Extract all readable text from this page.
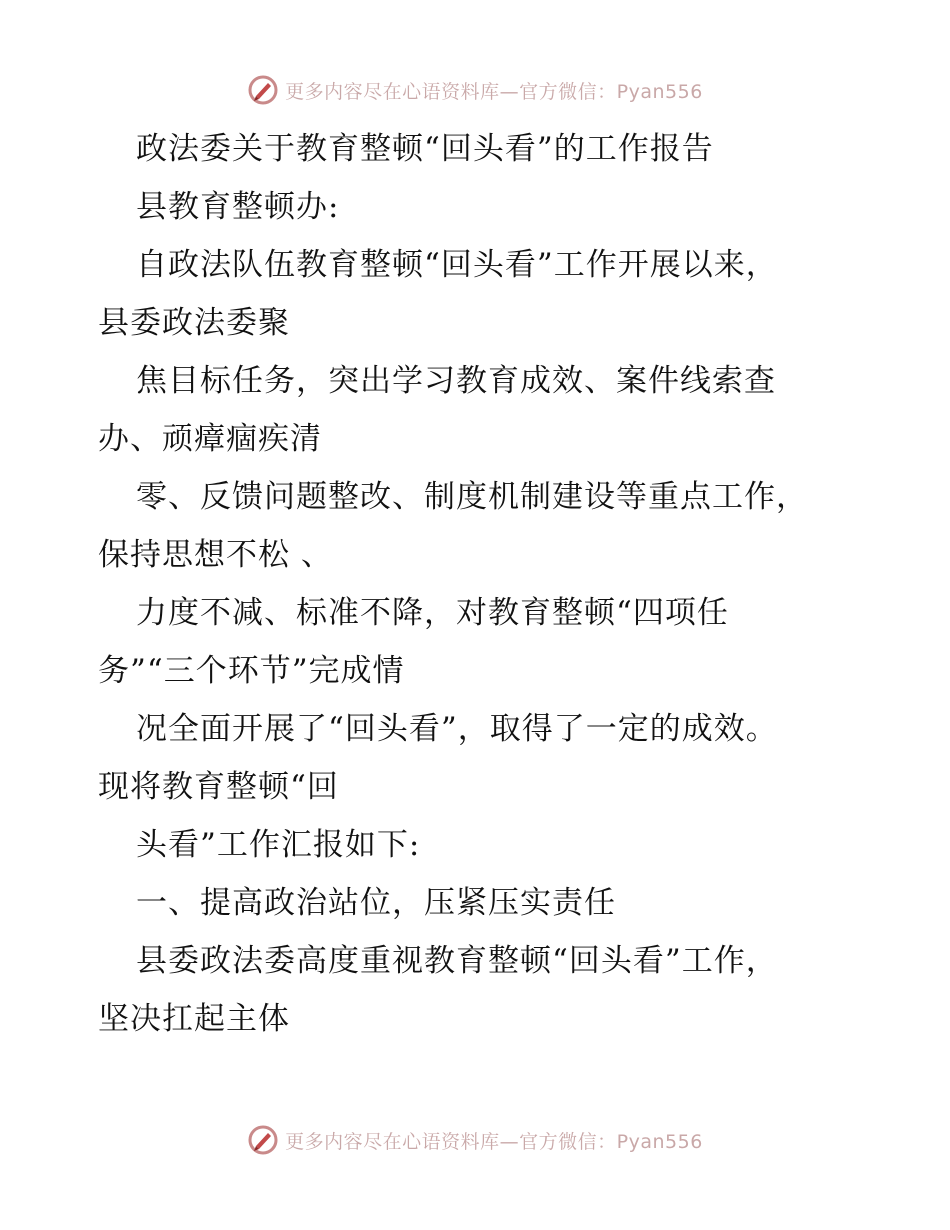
更多内容尽在心语资料库—官方微信：Pyan556
政法委关于教育整顿“回头看”的工作报告
县教育整顿办:
自政法队伍教育整顿“回头看”工作开展以来，
县委政法委聚
焦目标任务，突出学习教育成效、案件线索查
办、顽瘴痼疾清
零、反馈问题整改、制度机制建设等重点工作，
保持思想不松 、
力度不减、标准不降，对教育整顿“四项任
务”“三个环节”完成情
况全面开展了“回头看”，取得了一定的成效。
现将教育整顿“回
头看”工作汇报如下:
一、提高政治站位，压紧压实责任
县委政法委高度重视教育整顿“回头看”工作，
坚决扛起主体
更多内容尽在心语资料库—官方微信：Pyan556
